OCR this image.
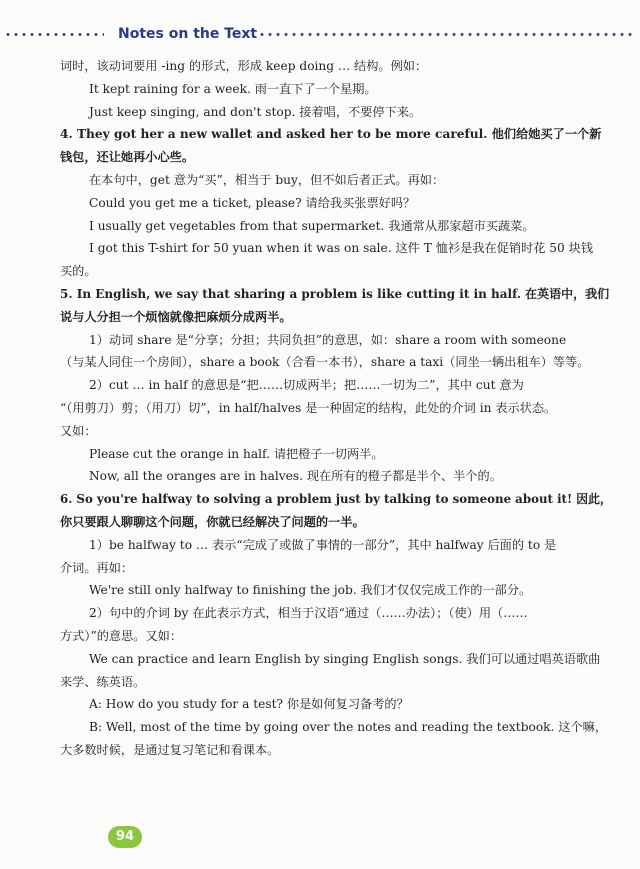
Notes on the Text

词时，该动词要用 -ing 的形式，形成 keep doing … 结构。例如：

It kept raining for a week. 雨一直下了一个星期。

Just keep singing, and don't stop. 接着唱，不要停下来。

4. They got her a new wallet and asked her to be more careful. 他们给她买了一个新

钱包，还让她再小心些。

在本句中，get 意为“买”，相当于 buy，但不如后者正式。再如：

Could you get me a ticket, please? 请给我买张票好吗？

I usually get vegetables from that supermarket. 我通常从那家超市买蔬菜。

I got this T-shirt for 50 yuan when it was on sale. 这件 T 恤衫是我在促销时花 50 块钱

买的。

5. In English, we say that sharing a problem is like cutting it in half. 在英语中，我们

说与人分担一个烦恼就像把麻烦分成两半。

1）动词 share 是“分享；分担；共同负担”的意思，如：share a room with someone

（与某人同住一个房间），share a book（合看一本书），share a taxi（同坐一辆出租车）等等。

2）cut … in half 的意思是“把……切成两半；把……一切为二”，其中 cut 意为

“（用剪刀）剪；（用刀）切”，in half/halves 是一种固定的结构，此处的介词 in 表示状态。

又如：

Please cut the orange in half. 请把橙子一切两半。

Now, all the oranges are in halves. 现在所有的橙子都是半个、半个的。

6. So you're halfway to solving a problem just by talking to someone about it! 因此，

你只要跟人聊聊这个问题，你就已经解决了问题的一半。

1）be halfway to … 表示“完成了或做了事情的一部分”，其中 halfway 后面的 to 是

介词。再如：

We're still only halfway to finishing the job. 我们才仅仅完成工作的一部分。

2）句中的介词 by 在此表示方式，相当于汉语“通过（……办法）；（使）用（……

方式）”的意思。又如：

We can practice and learn English by singing English songs. 我们可以通过唱英语歌曲

来学、练英语。

A: How do you study for a test? 你是如何复习备考的？

B: Well, most of the time by going over the notes and reading the textbook. 这个嘛，

大多数时候，是通过复习笔记和看课本。

94
